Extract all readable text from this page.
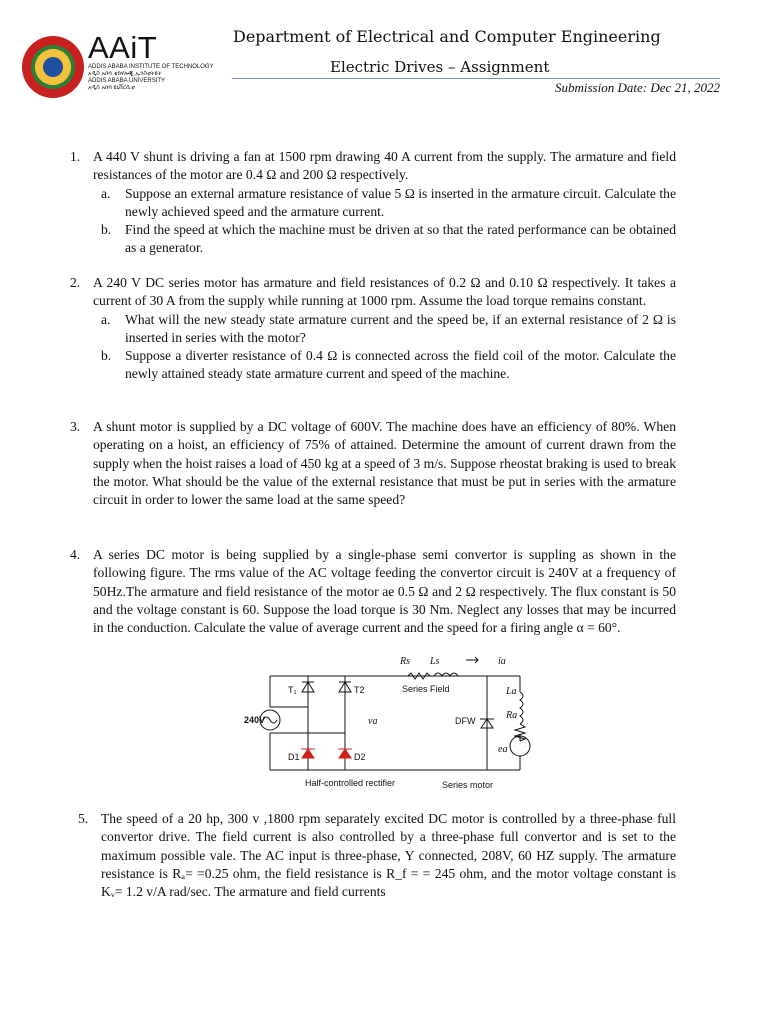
AAiT
ADDIS ABABA INSTITUTE OF TECHNOLOGY
አዲስ አበባ ቴክኖሎጂ ኢንስቲትዩት
ADDIS ABABA UNIVERSITY
አዲስ አበባ ዩኒቨርሲቲ
Department of Electrical and Computer Engineering
Electric Drives – Assignment
Submission Date: Dec 21, 2022
1. A 440 V shunt is driving a fan at 1500 rpm drawing 40 A current from the supply. The armature and field resistances of the motor are 0.4 Ω and 200 Ω respectively.
a. Suppose an external armature resistance of value 5 Ω is inserted in the armature circuit. Calculate the newly achieved speed and the armature current.
b. Find the speed at which the machine must be driven at so that the rated performance can be obtained as a generator.
2. A 240 V DC series motor has armature and field resistances of 0.2 Ω and 0.10 Ω respectively. It takes a current of 30 A from the supply while running at 1000 rpm. Assume the load torque remains constant.
a. What will the new steady state armature current and the speed be, if an external resistance of 2 Ω is inserted in series with the motor?
b. Suppose a diverter resistance of 0.4 Ω is connected across the field coil of the motor. Calculate the newly attained steady state armature current and speed of the machine.
3. A shunt motor is supplied by a DC voltage of 600V. The machine does have an efficiency of 80%. When operating on a hoist, an efficiency of 75% of attained. Determine the amount of current drawn from the supply when the hoist raises a load of 450 kg at a speed of 3 m/s. Suppose rheostat braking is used to break the motor. What should be the value of the external resistance that must be put in series with the armature circuit in order to lower the same load at the same speed?
4. A series DC motor is being supplied by a single-phase semi convertor is suppling as shown in the following figure. The rms value of the AC voltage feeding the convertor circuit is 240V at a frequency of 50Hz.The armature and field resistance of the motor ae 0.5 Ω and 2 Ω respectively. The flux constant is 50 and the voltage constant is 60. Suppose the load torque is 30 Nm. Neglect any losses that may be incurred in the conduction. Calculate the value of average current and the speed for a firing angle α = 60°.
240V
T₁	T2
D1	D2
va	DFW
Rs Ls
Series Field
ia
La
Ra
ea
Half-controlled rectifier	Series motor
5. The speed of a 20 hp, 300 v ,1800 rpm separately excited DC motor is controlled by a three-phase full convertor drive. The field current is also controlled by a three-phase full convertor and is set to the maximum possible vale. The AC input is three-phase, Y connected, 208V, 60 HZ supply. The armature resistance is Rₐ= =0.25 ohm, the field resistance is R_f = = 245 ohm, and the motor voltage constant is Kᵥ= 1.2 v/A rad/sec. The armature and field currents
